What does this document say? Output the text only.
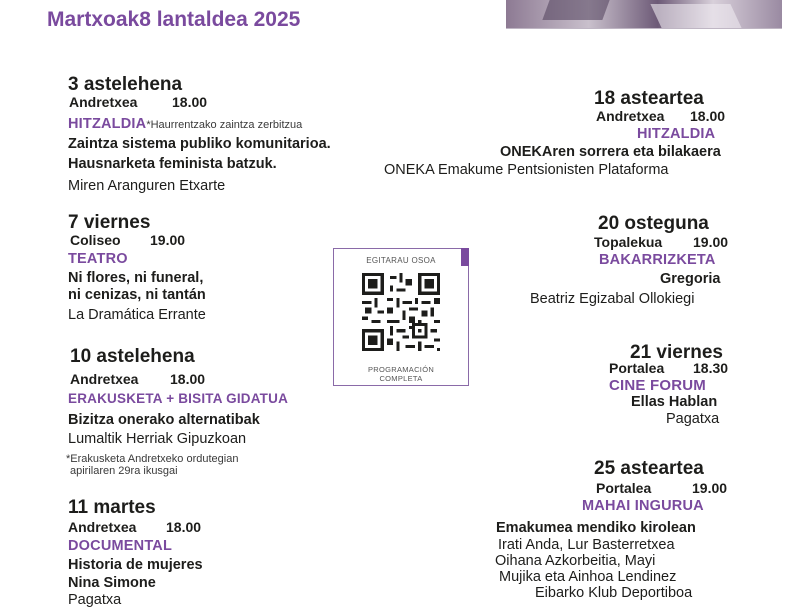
Martxoak8 lantaldea 2025
3 astelehena
Andretxea 18.00
HITZALDIA*Haurrentzako zaintza zerbitzua
Zaintza sistema publiko komunitarioa.
Hausnarketa feminista batzuk.
Miren Aranguren Etxarte
7 viernes
Coliseo 19.00
TEATRO
Ni flores, ni funeral,
ni cenizas, ni tantán
La Dramática Errante
10 astelehena
Andretxea 18.00
ERAKUSKETA + BISITA GIDATUA
Bizitza onerako alternatibak
Lumaltik Herriak Gipuzkoan
*Erakusketa Andretxeko ordutegian
apirilaren 29ra ikusgai
11 martes
Andretxea 18.00
DOCUMENTAL
Historia de mujeres
Nina Simone
Pagatxa
EGITARAU OSOA
PROGRAMACIÓN
COMPLETA
18 asteartea
Andretxea 18.00
HITZALDIA
ONEKAren sorrera eta bilakaera
ONEKA Emakume Pentsionisten Plataforma
20 osteguna
Topalekua 19.00
BAKARRIZKETA
Gregoria
Beatriz Egizabal Ollokiegi
21 viernes
Portalea 18.30
CINE FORUM
Ellas Hablan
Pagatxa
25 asteartea
Portalea	19.00
MAHAI INGURUA
Emakumea mendiko kirolean
Irati Anda, Lur Basterretxea
Oihana Azkorbeitia, Mayi
Mujika eta Ainhoa Lendinez
Eibarko Klub Deportiboa
